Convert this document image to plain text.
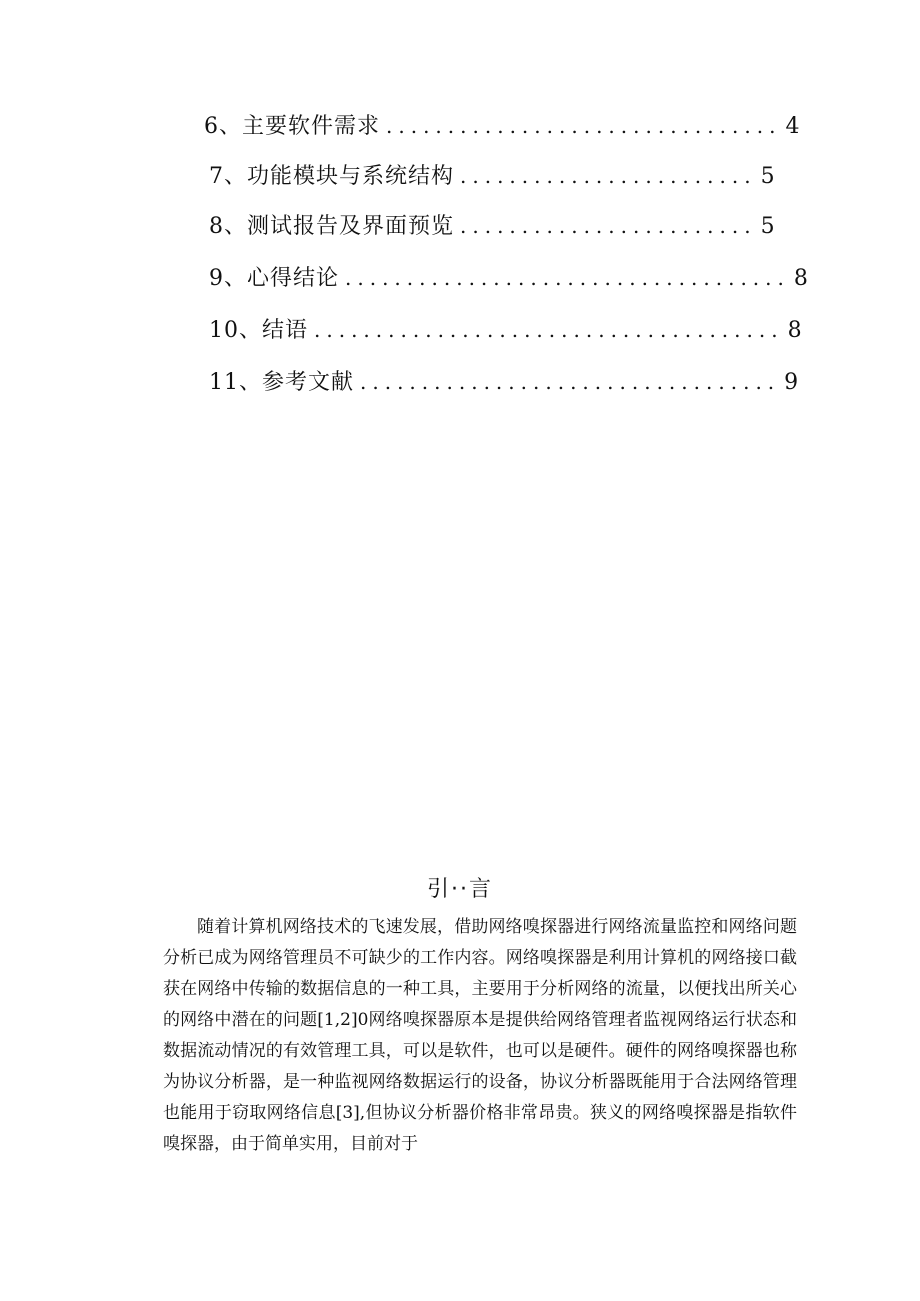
6、主要软件需求 ................................ 4
7、功能模块与系统结构 ........................ 5
8、测试报告及界面预览 ........................ 5
9、心得结论 .................................... 8
10、结语 ...................................... 8
11、参考文献 .................................. 9
引··言

随着计算机网络技术的飞速发展，借助网络嗅探器进行网络流量监控和网络问题分析已成为网络管理员不可缺少的工作内容。网络嗅探器是利用计算机的网络接口截获在网络中传输的数据信息的一种工具，主要用于分析网络的流量，以便找出所关心的网络中潜在的问题[1,2]0网络嗅探器原本是提供给网络管理者监视网络运行状态和数据流动情况的有效管理工具，可以是软件，也可以是硬件。硬件的网络嗅探器也称为协议分析器，是一种监视网络数据运行的设备，协议分析器既能用于合法网络管理也能用于窃取网络信息[3],但协议分析器价格非常昂贵。狭义的网络嗅探器是指软件嗅探器，由于简单实用，目前对于
